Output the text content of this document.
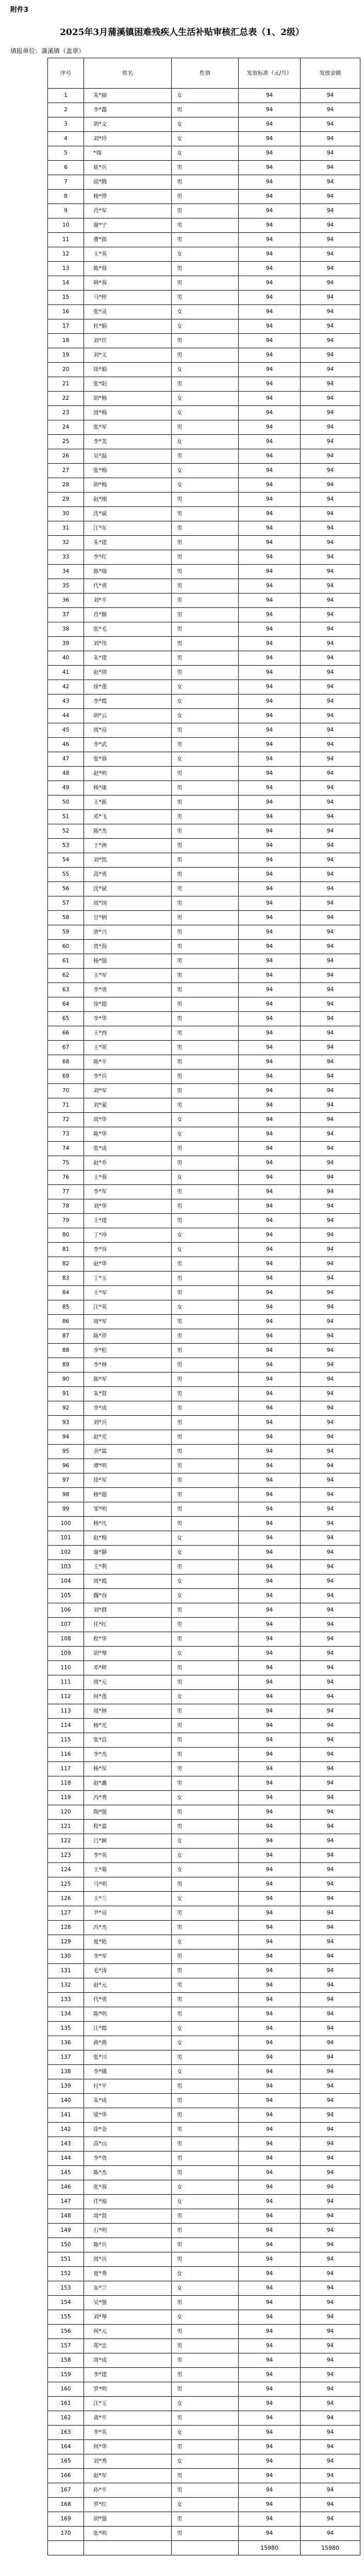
附件3
2025年3月蒲溪镇困难残疾人生活补贴审核汇总表（1、2级）
填报单位：蒲溪镇（盖章）
序号	姓名	性别	发放标准（元/月）	发放金额
1	朱*丽	女	94	94
2	李*露	男	94	94
3	胡*文	女	94	94
4	刘*玲	女	94	94
5	*翔	女	94	94
6	崔*兵	男	94	94
7	邱*腾	男	94	94
8	杨*铧	男	94	94
9	肖*军	男	94	94
10	谢*宁	男	94	94
11	曹*郎	男	94	94
12	王*英	女	94	94
13	陈*蓉	男	94	94
14	韩*蓉	男	94	94
15	马*梓	男	94	94
16	张*灵	女	94	94
17	杜*娟	女	94	94
18	刘*臣	男	94	94
19	刘*义	男	94	94
20	徐*娟	女	94	94
21	张*阳	男	94	94
22	胡*梅	女	94	94
23	周*梅	女	94	94
24	张*军	男	94	94
25	李*美	女	94	94
26	吴*磊	男	94	94
27	张*梅	女	94	94
28	胡*梅	女	94	94
29	赵*刚	男	94	94
30	沈*斌	男	94	94
31	江*东	男	94	94
32	朱*建	男	94	94
33	李*红	男	94	94
34	陈*瑞	男	94	94
35	代*勇	男	94	94
36	刘*平	男	94	94
37	肖*顺	男	94	94
38	张*毛	男	94	94
39	刘*伟	男	94	94
40	朱*建	男	94	94
41	赵*琪	男	94	94
42	徐*莲	女	94	94
43	李*霞	女	94	94
44	胡*云	女	94	94
45	周*亮	男	94	94
46	李*武	男	94	94
47	张*蓉	女	94	94
48	赵*明	男	94	94
49	杨*康	男	94	94
50	王*新	男	94	94
51	邓*飞	男	94	94
52	陈*杰	男	94	94
53	于*洲	男	94	94
54	刘*凯	男	94	94
55	高*勇	男	94	94
56	沈*斌	男	94	94
57	周*国	男	94	94
58	甘*柄	男	94	94
59	唐*兴	男	94	94
60	贾*海	男	94	94
61	杨*强	男	94	94
62	王*军	男	94	94
63	李*勇	男	94	94
64	徐*超	男	94	94
65	李*华	男	94	94
66	王*西	男	94	94
67	王*荣	男	94	94
68	陈*平	男	94	94
69	李*兵	男	94	94
70	刘*军	男	94	94
71	刘*蒙	男	94	94
72	周*华	女	94	94
73	陈*华	女	94	94
74	张*成	男	94	94
75	赵*乔	男	94	94
76	王*蓉	女	94	94
77	李*军	男	94	94
78	刘*华	男	94	94
79	王*建	男	94	94
80	丁*珍	女	94	94
81	李*容	女	94	94
82	赵*华	男	94	94
83	丁*玉	男	94	94
84	王*军	男	94	94
85	汪*英	女	94	94
86	周*军	男	94	94
87	陈*祥	男	94	94
88	李*松	男	94	94
89	李*林	男	94	94
90	陈*军	男	94	94
91	朱*贤	男	94	94
92	李*成	男	94	94
93	刘*兵	男	94	94
94	赵*光	男	94	94
95	余*霖	男	94	94
96	谭*明	男	94	94
97	徐*军	男	94	94
98	杨*超	男	94	94
99	邹*明	男	94	94
100	杨*凡	男	94	94
101	赵*梅	女	94	94
102	谢*静	女	94	94
103	王*利	男	94	94
104	周*霞	女	94	94
105	魏*容	女	94	94
106	刘*群	男	94	94
107	任*红	男	94	94
108	程*华	男	94	94
109	胡*琴	女	94	94
110	邓*辉	男	94	94
111	周*元	男	94	94
112	何*莲	女	94	94
113	周*林	男	94	94
114	杨*光	男	94	94
115	张*良	男	94	94
116	李*杰	男	94	94
117	杨*军	男	94	94
118	赵*鑫	男	94	94
119	冯*秀	女	94	94
120	陶*强	男	94	94
121	程*嘉	男	94	94
122	吕*颖	女	94	94
123	李*英	女	94	94
124	王*菊	女	94	94
125	马*明	男	94	94
126	王*兰	女	94	94
127	尹*亮	男	94	94
128	冯*杰	男	94	94
129	夏*艳	女	94	94
130	李*军	男	94	94
131	毛*涛	男	94	94
132	赵*元	男	94	94
133	代*勇	男	94	94
134	陈*明	男	94	94
135	汪*霞	女	94	94
136	蒋*燕	女	94	94
137	张*川	男	94	94
138	李*娥	女	94	94
139	付*平	男	94	94
140	朱*成	男	94	94
141	梁*华	男	94	94
142	徐*金	男	94	94
143	高*山	男	94	94
144	李*贵	男	94	94
145	陈*杰	男	94	94
146	张*蓉	女	94	94
147	任*琼	女	94	94
148	周*贤	男	94	94
149	石*明	男	94	94
150	陈*兵	男	94	94
151	周*兵	男	94	94
152	夏*秀	女	94	94
153	朱*兰	女	94	94
154	吴*强	男	94	94
155	刘*琴	女	94	94
156	何*元	男	94	94
157	郑*忠	男	94	94
158	周*成	男	94	94
159	李*建	男	94	94
160	罗*明	男	94	94
161	汪*玉	女	94	94
162	黄*平	男	94	94
163	李*英	女	94	94
164	何*华	男	94	94
165	刘*秀	女	94	94
166	赵*军	男	94	94
167	孙*平	男	94	94
168	罗*红	女	94	94
169	胡*强	男	94	94
170	张*明	男	94	94
			15980	15980
